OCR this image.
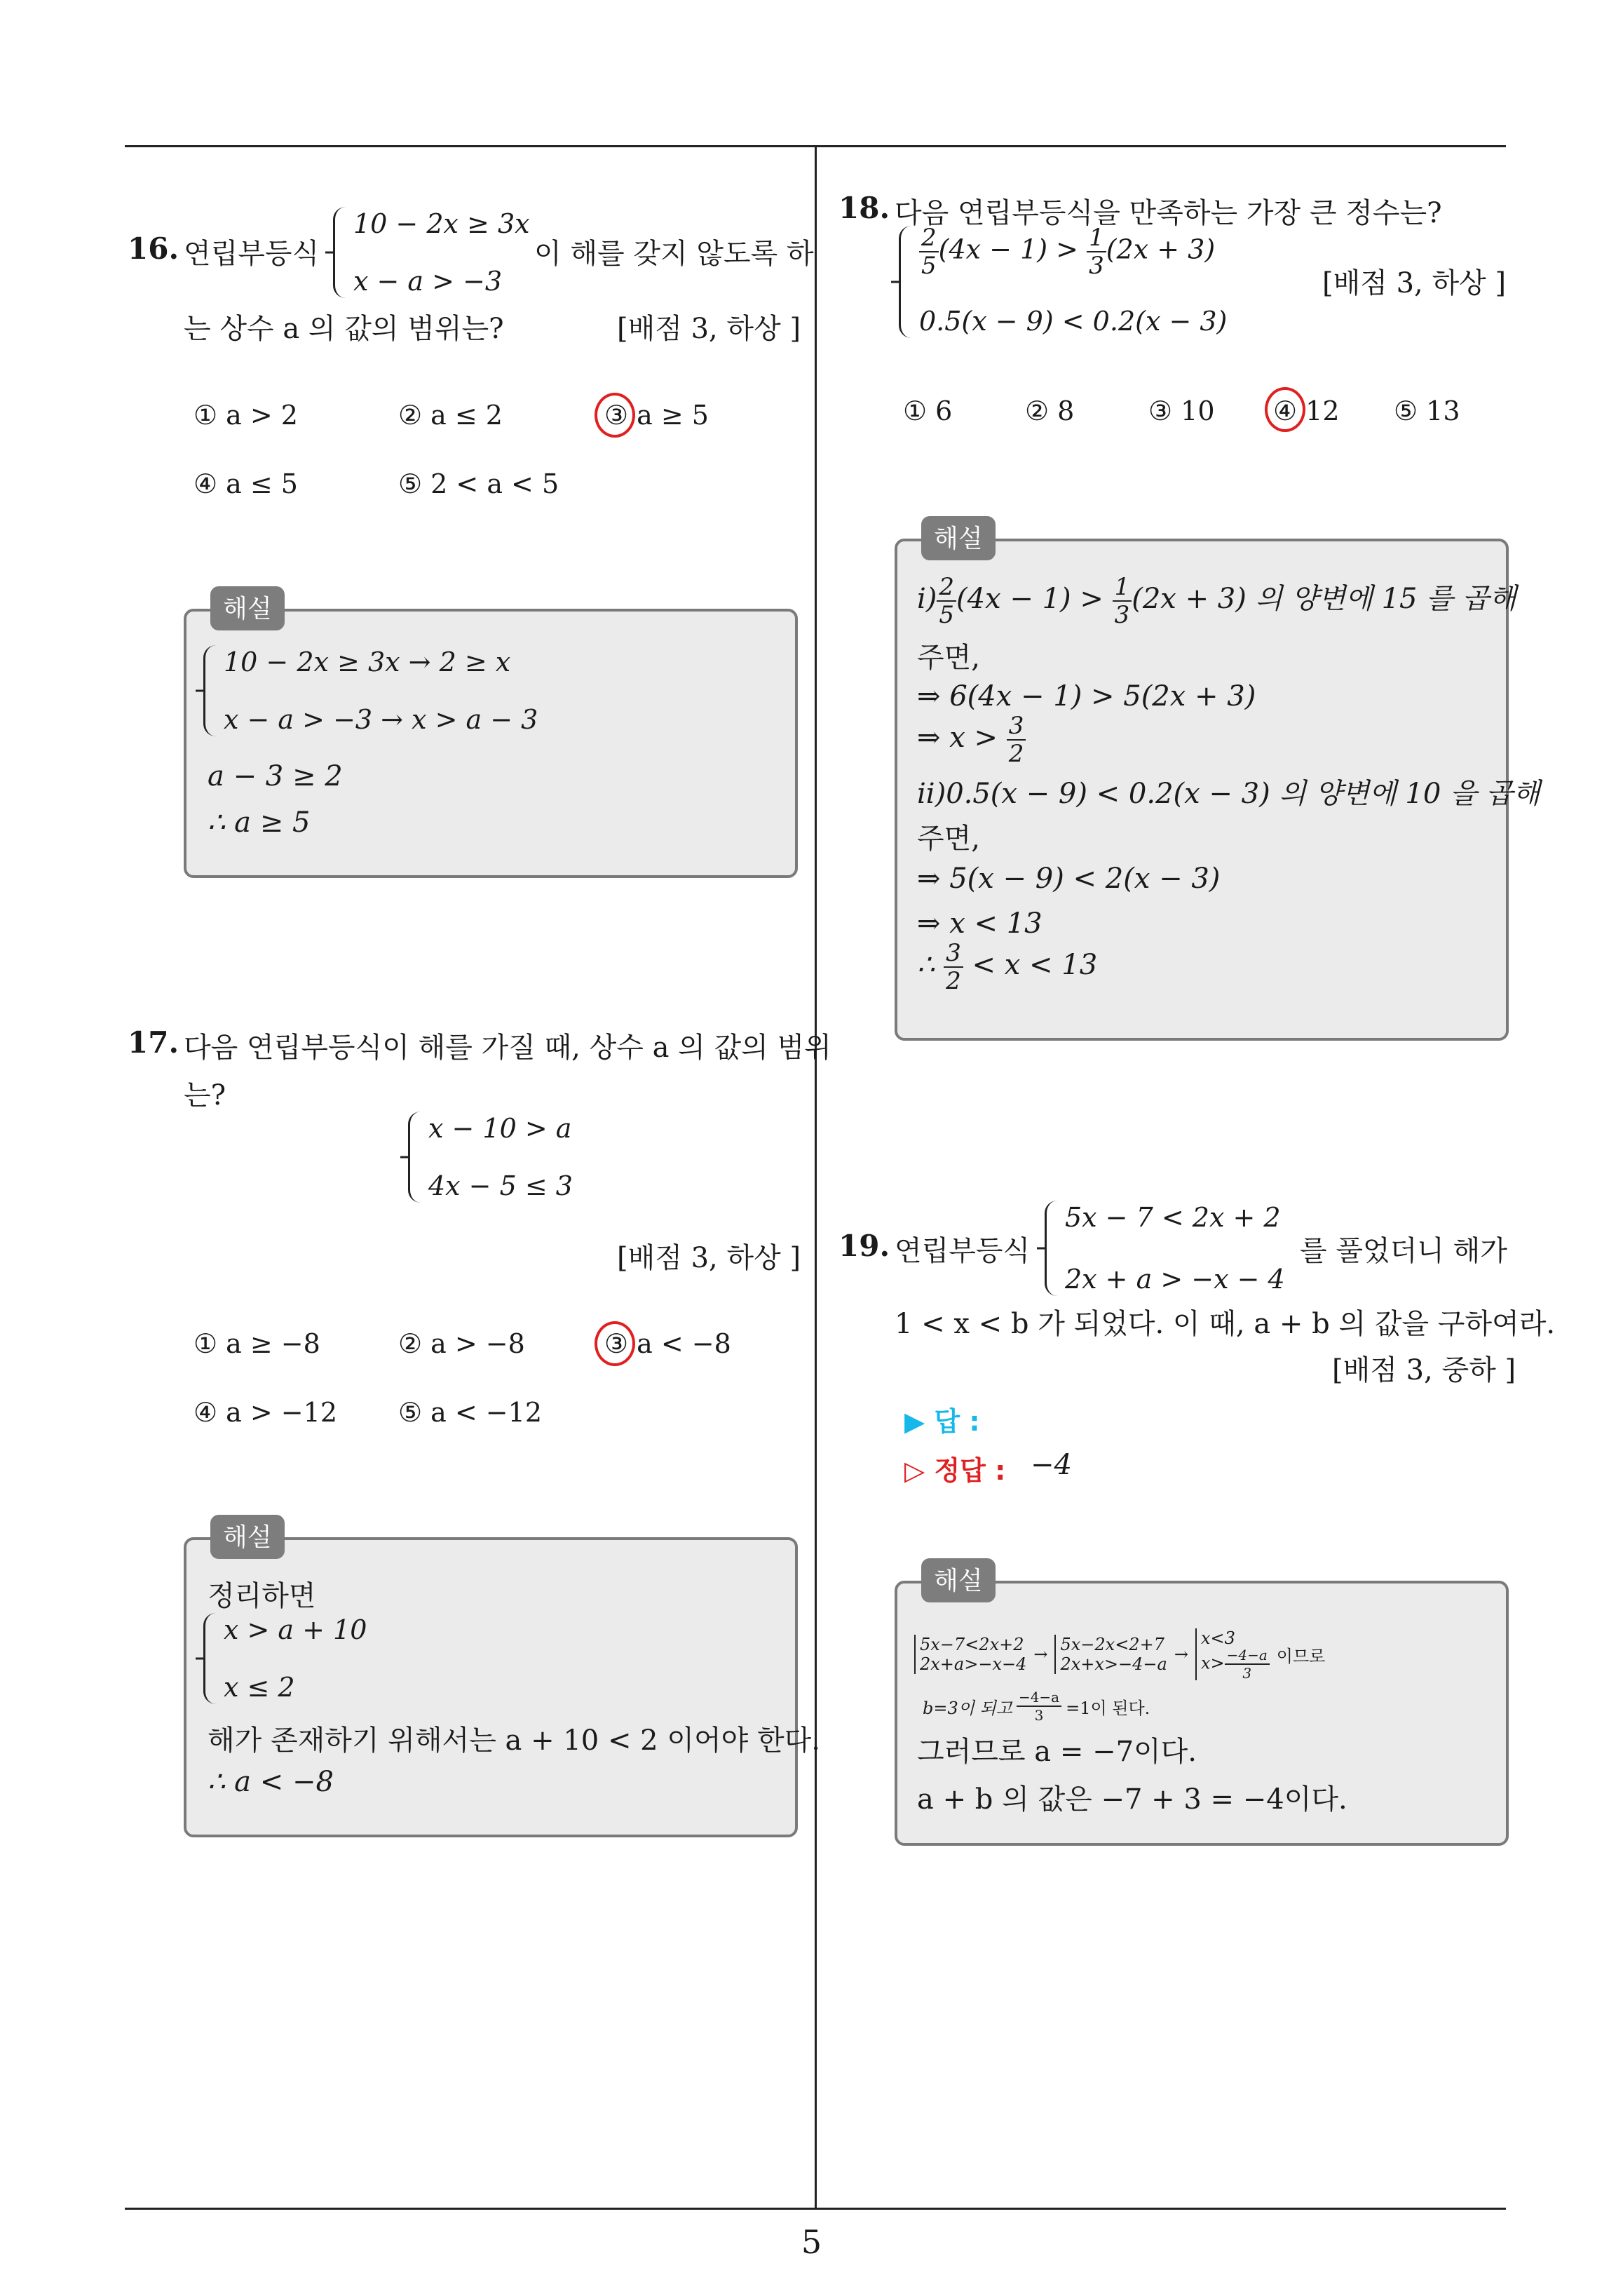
5
16. 연립부등식
10 − 2x ≥ 3x
x − a > −3
이 해를 갖지 않도록 하
는 상수 a 의 값의 범위는?	[배점 3, 하상 ]
① a > 2	② a ≤ 2	③ a ≥ 5
④ a ≤ 5	⑤ 2 < a < 5
10 − 2x ≥ 3x → 2 ≥ x
x − a > −3 → x > a − 3
a − 3 ≥ 2
∴ a ≥ 5
해설
17. 다음 연립부등식이 해를 가질 때, 상수 a 의 값의 범위
는?
x − 10 > a
4x − 5 ≤ 3
[배점 3, 하상 ]
① a ≥ −8	② a > −8	③ a < −8
④ a > −12 ⑤ a < −12
정리하면
x > a + 10
x ≤ 2
해가 존재하기 위해서는 a + 10 < 2 이어야 한다.
∴ a < −8
해설
18. 다음 연립부등식을 만족하는 가장 큰 정수는?
$\frac{2}{5} (4x - 1) > \frac{1}{3} (2x + 3)$
0.5(x − 9) < 0.2(x − 3)
[배점 3, 하상 ]
① 6	② 8	③ 10 ④ 12 ⑤ 13
$i) \frac{2}{5} (4x - 1) > \frac{1}{3} (2x + 3)$ 의 양변에 15 를 곱해
주면,
⇒ 6(4x − 1) > 5(2x + 3)
⇒ $x > \frac{3}{2}$
ii)0.5(x − 9) < 0.2(x − 3) 의 양변에 10 을 곱해
주면,
⇒ 5(x − 9) < 2(x − 3)
⇒ x < 13
∴ $\frac{3}{2} < x < 13$
해설
19. 연립부등식
5x − 7 < 2x + 2
2x + a > −x − 4
를 풀었더니 해가
1 < x < b 가 되었다. 이 때, a + b 의 값을 구하여라.
[배점 3, 중하 ]
▶ 답 :
▷ 정답 : −4
5x−7<2x+2
2x+a>−x−4 → 5x−2x<2+7
2x+x>−4−a →
x<3
$x> \frac{-4-a}{3}$ 이므로
b=3이 되고 $\frac{-4-a}{3} =1$이 된다.
그러므로 a = −7이다.
a + b 의 값은 −7 + 3 = −4이다.
해설
